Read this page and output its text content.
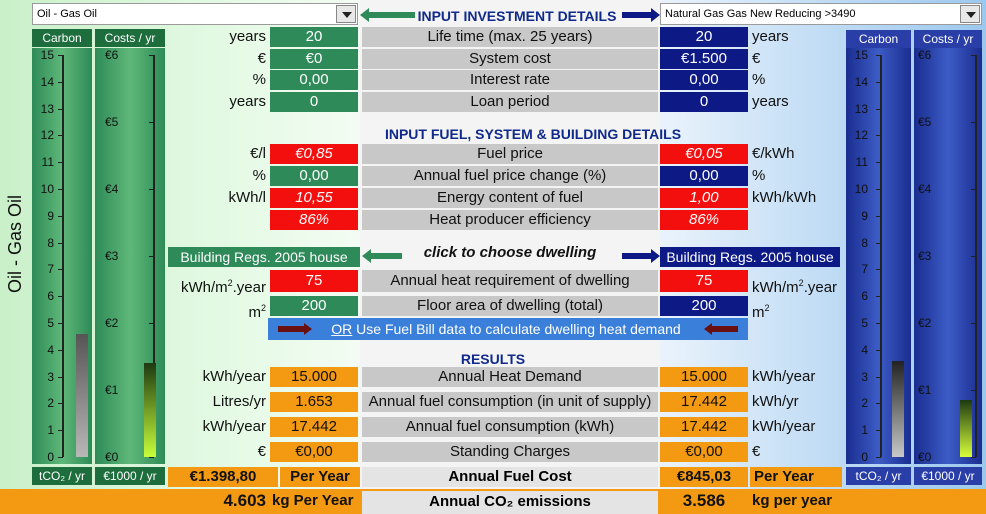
Oil - Gas Oil	Natural Gas Gas New Reducing >3490
INPUT INVESTMENT DETAILS
Carbon	Costs / yr	Carbon	Costs / yr
15
14
13
12
11
10
9
8
7
6
5
4
3
2
1
0
€6
€5
€4
€3
€2
€1
€0
15
14
13
12
11
10
9
8
7
6
5
4
3
2
1
0
€6
€5
€4
€3
€2
€1
€0
Oil - Gas Oil
tCO₂ / yr	€1000 / yr	tCO₂ / yr	€1000 / yr
years	20	Life time (max. 25 years)	20	years
€	€0	System cost	€1.500	€
%	0,00	Interest rate	0,00	%
years	0	Loan period	0	years
INPUT FUEL, SYSTEM & BUILDING DETAILS
€/l	€0,85	Fuel price	€0,05	€/kWh
%	0,00	Annual fuel price change (%)	0,00	%
kWh/l	10,55	Energy content of fuel	1,00	kWh/kWh
86%	Heat producer efficiency	86%
Building Regs. 2005 house	click to choose dwelling	Building Regs. 2005 house
kWh/$m^2.year$	75	Annual heat requirement of dwelling	75	kWh/$m^2.year$
$m^2$	200	Floor area of dwelling (total)	200	$m^2$
OR Use Fuel Bill data to calculate dwelling heat demand
RESULTS
kWh/year	15.000	Annual Heat Demand	15.000	kWh/year
Litres/yr	1.653	Annual fuel consumption (in unit of supply)	17.442	kWh/yr
kWh/year	17.442	Annual fuel consumption (kWh)	17.442	kWh/year
€	€0,00	Standing Charges	€0,00	€
€1.398,80	Per Year	Annual Fuel Cost	€845,03	Per Year
4.603 kg Per Year	Annual CO₂ emissions	3.586	kg per year
